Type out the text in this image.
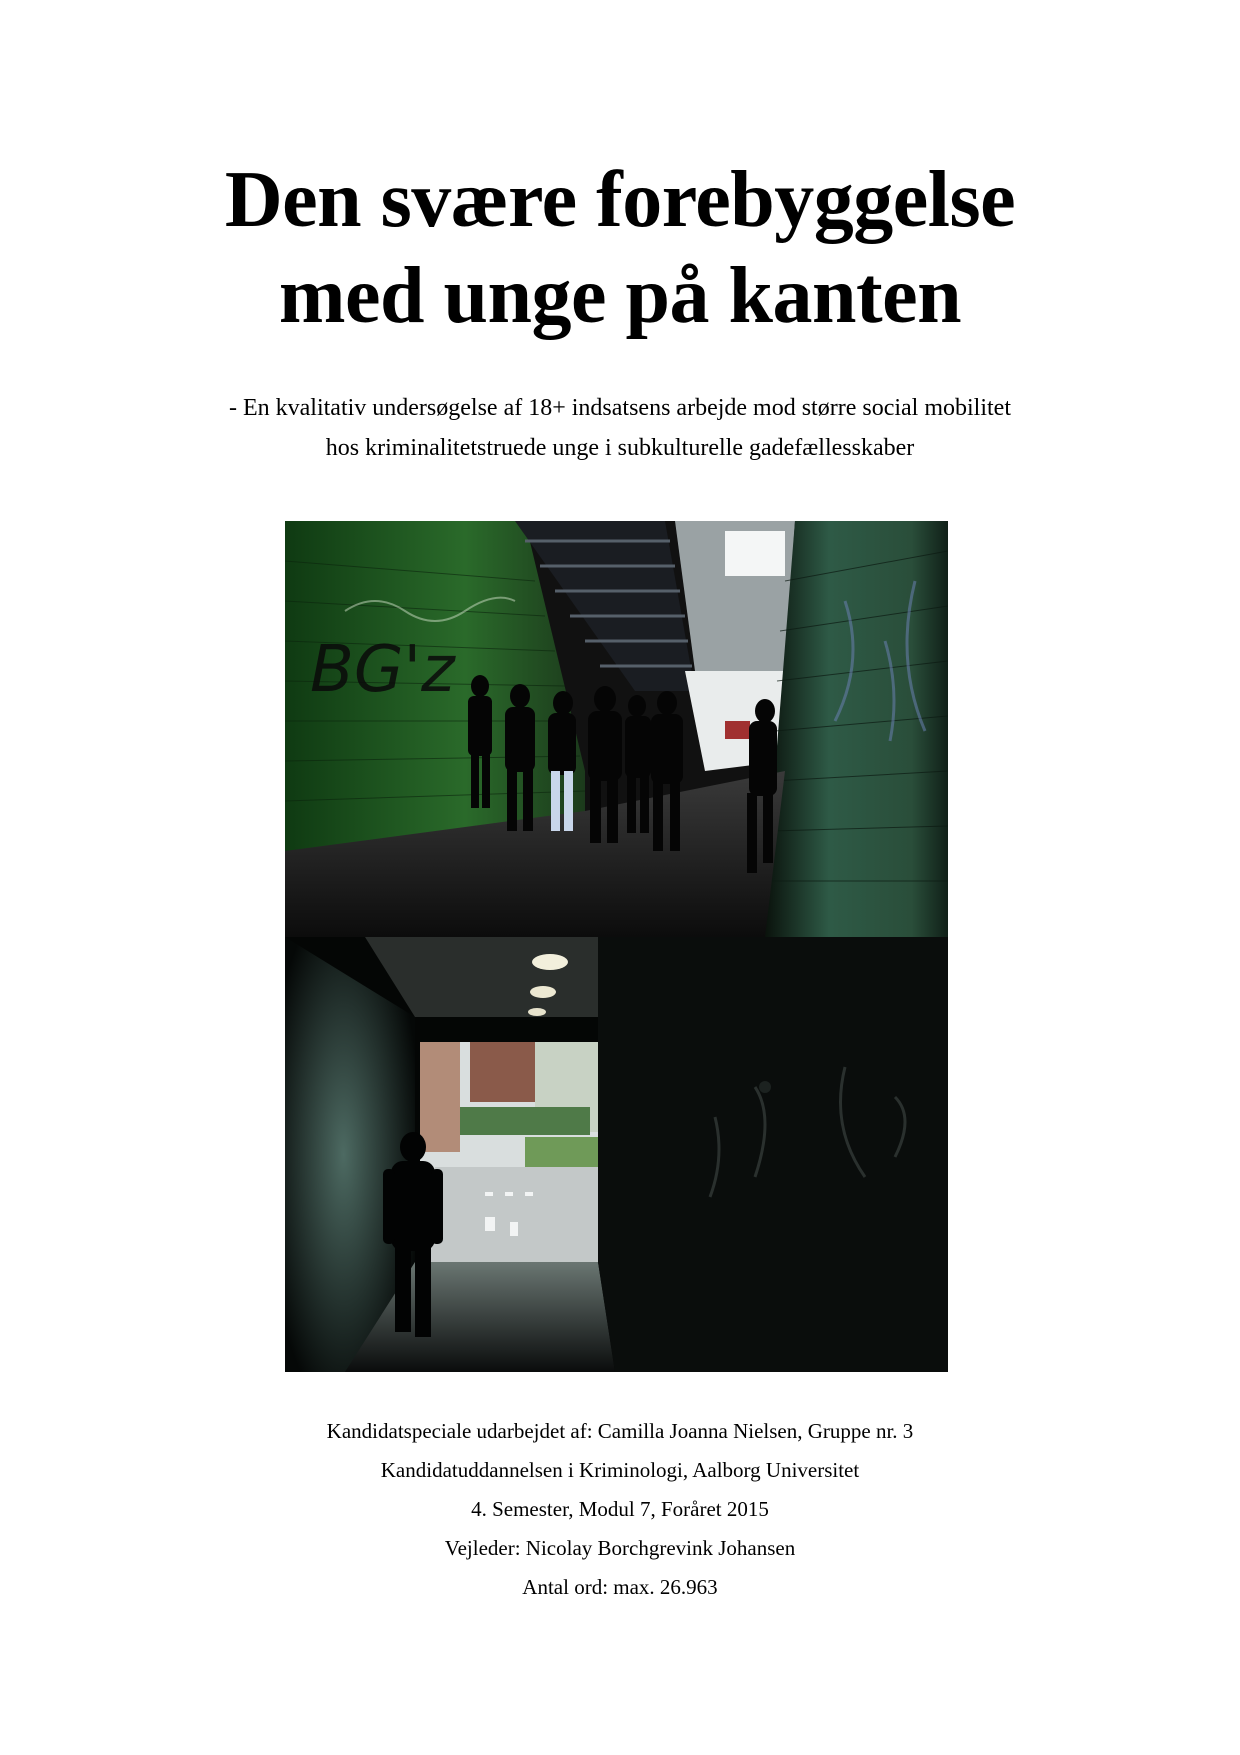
Den svære forebyggelse
med unge på kanten
- En kvalitativ undersøgelse af 18+ indsatsens arbejde mod større social mobilitet
hos kriminalitetstruede unge i subkulturelle gadefællesskaber
BG'z
Kandidatspeciale udarbejdet af: Camilla Joanna Nielsen, Gruppe nr. 3
Kandidatuddannelsen i Kriminologi, Aalborg Universitet
4. Semester, Modul 7, Foråret 2015
Vejleder: Nicolay Borchgrevink Johansen
Antal ord: max. 26.963
